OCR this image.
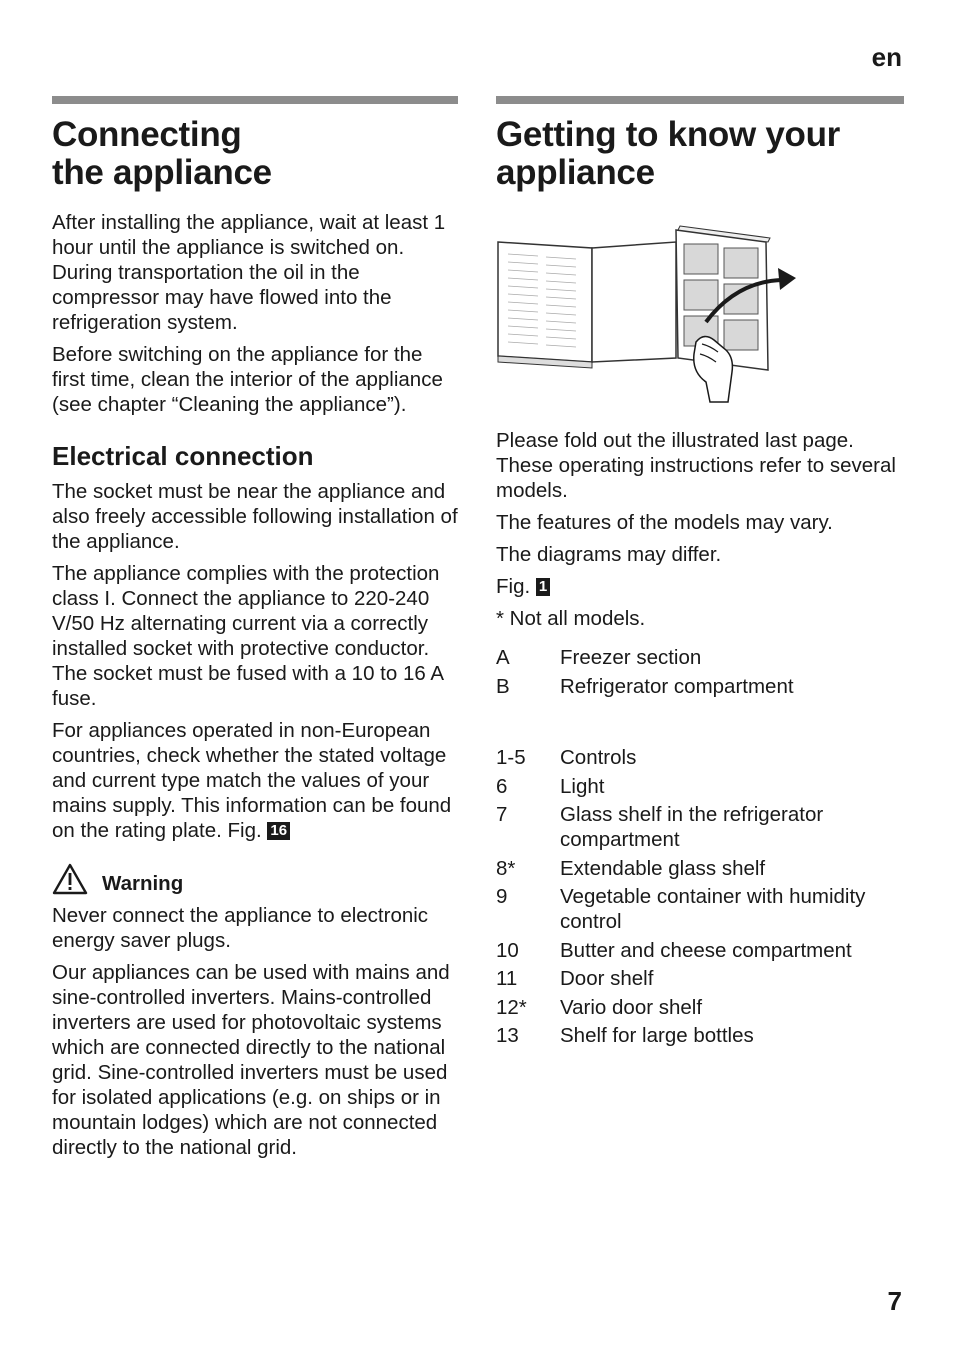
en
Connecting
the appliance

After installing the appliance, wait at least 1 hour until the appliance is switched on. During transportation the oil in the compressor may have flowed into the refrigeration system.

Before switching on the appliance for the first time, clean the interior of the appliance (see chapter “Cleaning the appliance”).

Electrical connection

The socket must be near the appliance and also freely accessible following installation of the appliance.

The appliance complies with the protection class I. Connect the appliance to 220-240 V/50 Hz alternating current via a correctly installed socket with protective conductor. The socket must be fused with a 10 to 16 A fuse.

For appliances operated in non-European countries, check whether the stated voltage and current type match the values of your mains supply. This information can be found on the rating plate. Fig. 16

Warning

Never connect the appliance to electronic energy saver plugs.

Our appliances can be used with mains and sine-controlled inverters. Mains-controlled inverters are used for photovoltaic systems which are connected directly to the national grid. Sine-controlled inverters must be used for isolated applications (e.g. on ships or in mountain lodges) which are not connected directly to the national grid.

Getting to know your appliance

Please fold out the illustrated last page. These operating instructions refer to several models.

The features of the models may vary.

The diagrams may differ.

Fig. 1

* Not all models.

A	Freezer section
B	Refrigerator compartment
1-5	Controls
6	Light
7	Glass shelf in the refrigerator compartment
8*	Extendable glass shelf
9	Vegetable container with humidity control
10	Butter and cheese compartment
11	Door shelf
12*	Vario door shelf
13	Shelf for large bottles
7
